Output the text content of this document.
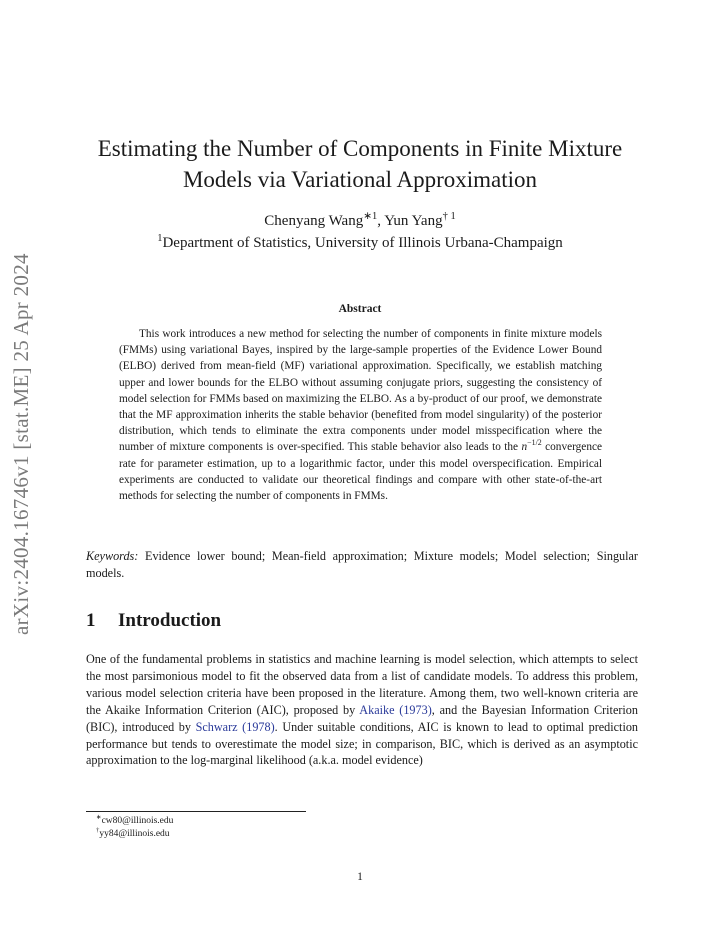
arXiv:2404.16746v1 [stat.ME] 25 Apr 2024
Estimating the Number of Components in Finite Mixture
Models via Variational Approximation
Chenyang Wang$^{∗1}$, Yun Yang$^{\dagger 1}$
$^1$Department of Statistics, University of Illinois Urbana-Champaign
Abstract

This work introduces a new method for selecting the number of components in finite mixture models (FMMs) using variational Bayes, inspired by the large-sample properties of the Evidence Lower Bound (ELBO) derived from mean-field (MF) variational approximation. Specifically, we establish matching upper and lower bounds for the ELBO without assuming conjugate priors, suggesting the consistency of model selection for FMMs based on maximizing the ELBO. As a by-product of our proof, we demonstrate that the MF approximation inherits the stable behavior (benefited from model singularity) of the posterior distribution, which tends to eliminate the extra components under model misspecification where the number of mixture components is over-specified. This stable behavior also leads to the $n^{-1/2}$ convergence rate for parameter estimation, up to a logarithmic factor, under this model overspecification. Empirical experiments are conducted to validate our theoretical findings and compare with other state-of-the-art methods for selecting the number of components in FMMs.

Keywords: Evidence lower bound; Mean-field approximation; Mixture models; Model selection; Singular models.

1 Introduction

One of the fundamental problems in statistics and machine learning is model selection, which attempts to select the most parsimonious model to fit the observed data from a list of candidate models. To address this problem, various model selection criteria have been proposed in the literature. Among them, two well-known criteria are the Akaike Information Criterion (AIC), proposed by Akaike (1973), and the Bayesian Information Criterion (BIC), introduced by Schwarz (1978). Under suitable conditions, AIC is known to lead to optimal prediction performance but tends to overestimate the model size; in comparison, BIC, which is derived as an asymptotic approximation to the log-marginal likelihood (a.k.a. model evidence)

∗cw80@illinois.edu
†yy84@illinois.edu
1
